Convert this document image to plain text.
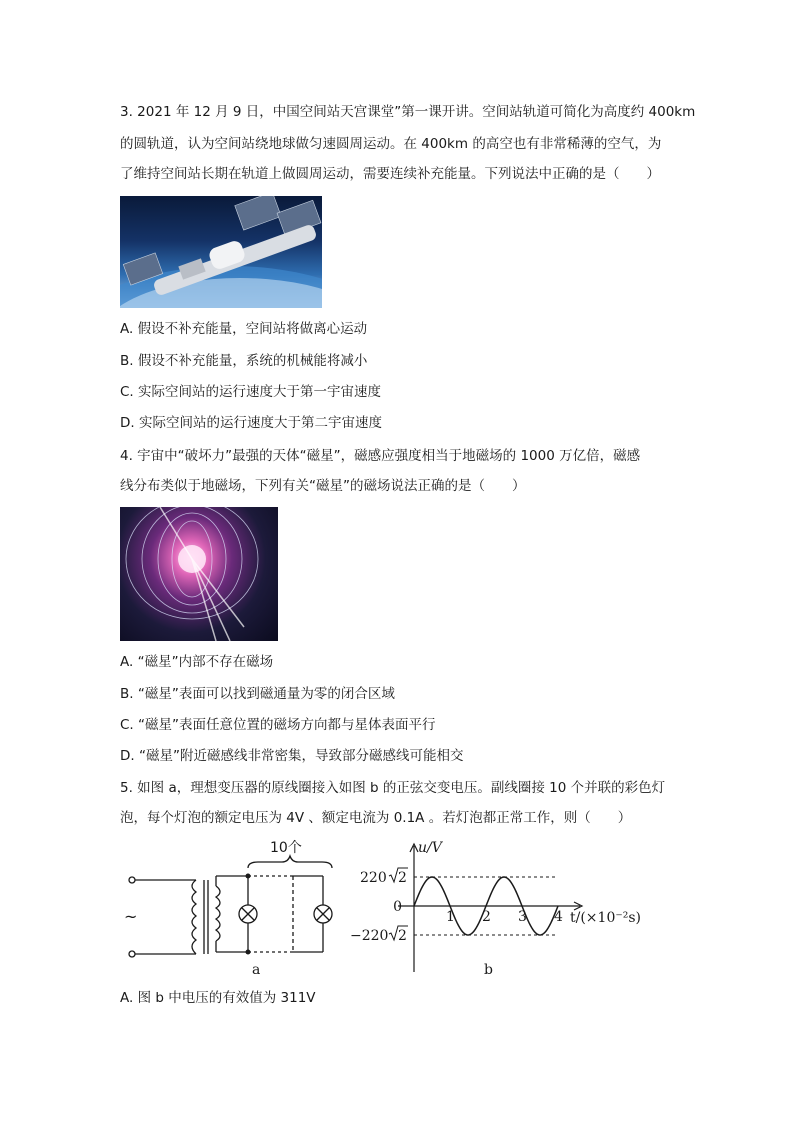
3. 2021 年 12 月 9 日，中国空间站天宫课堂”第一课开讲。空间站轨道可简化为高度约 400km
的圆轨道，认为空间站绕地球做匀速圆周运动。在 400km 的高空也有非常稀薄的空气，为
了维持空间站长期在轨道上做圆周运动，需要连续补充能量。下列说法中正确的是（　　）
A. 假设不补充能量，空间站将做离心运动
B. 假设不补充能量，系统的机械能将减小
C. 实际空间站的运行速度大于第一宇宙速度
D. 实际空间站的运行速度大于第二宇宙速度
4. 宇宙中“破坏力”最强的天体“磁星”，磁感应强度相当于地磁场的 1000 万亿倍，磁感
线分布类似于地磁场，下列有关“磁星”的磁场说法正确的是（　　）
A. “磁星”内部不存在磁场
B. “磁星”表面可以找到磁通量为零的闭合区域
C. “磁星”表面任意位置的磁场方向都与星体表面平行
D. “磁星”附近磁感线非常密集，导致部分磁感线可能相交
5. 如图 a，理想变压器的原线圈接入如图 b 的正弦交变电压。副线圈接 10 个并联的彩色灯
泡，每个灯泡的额定电压为 4V 、额定电流为 0.1A 。若灯泡都正常工作，则（　　）
10个
~
a
1 2 3 4
u/V
0
220 2
−220 2
t/(×10⁻²s)
b
A. 图 b 中电压的有效值为 311V
